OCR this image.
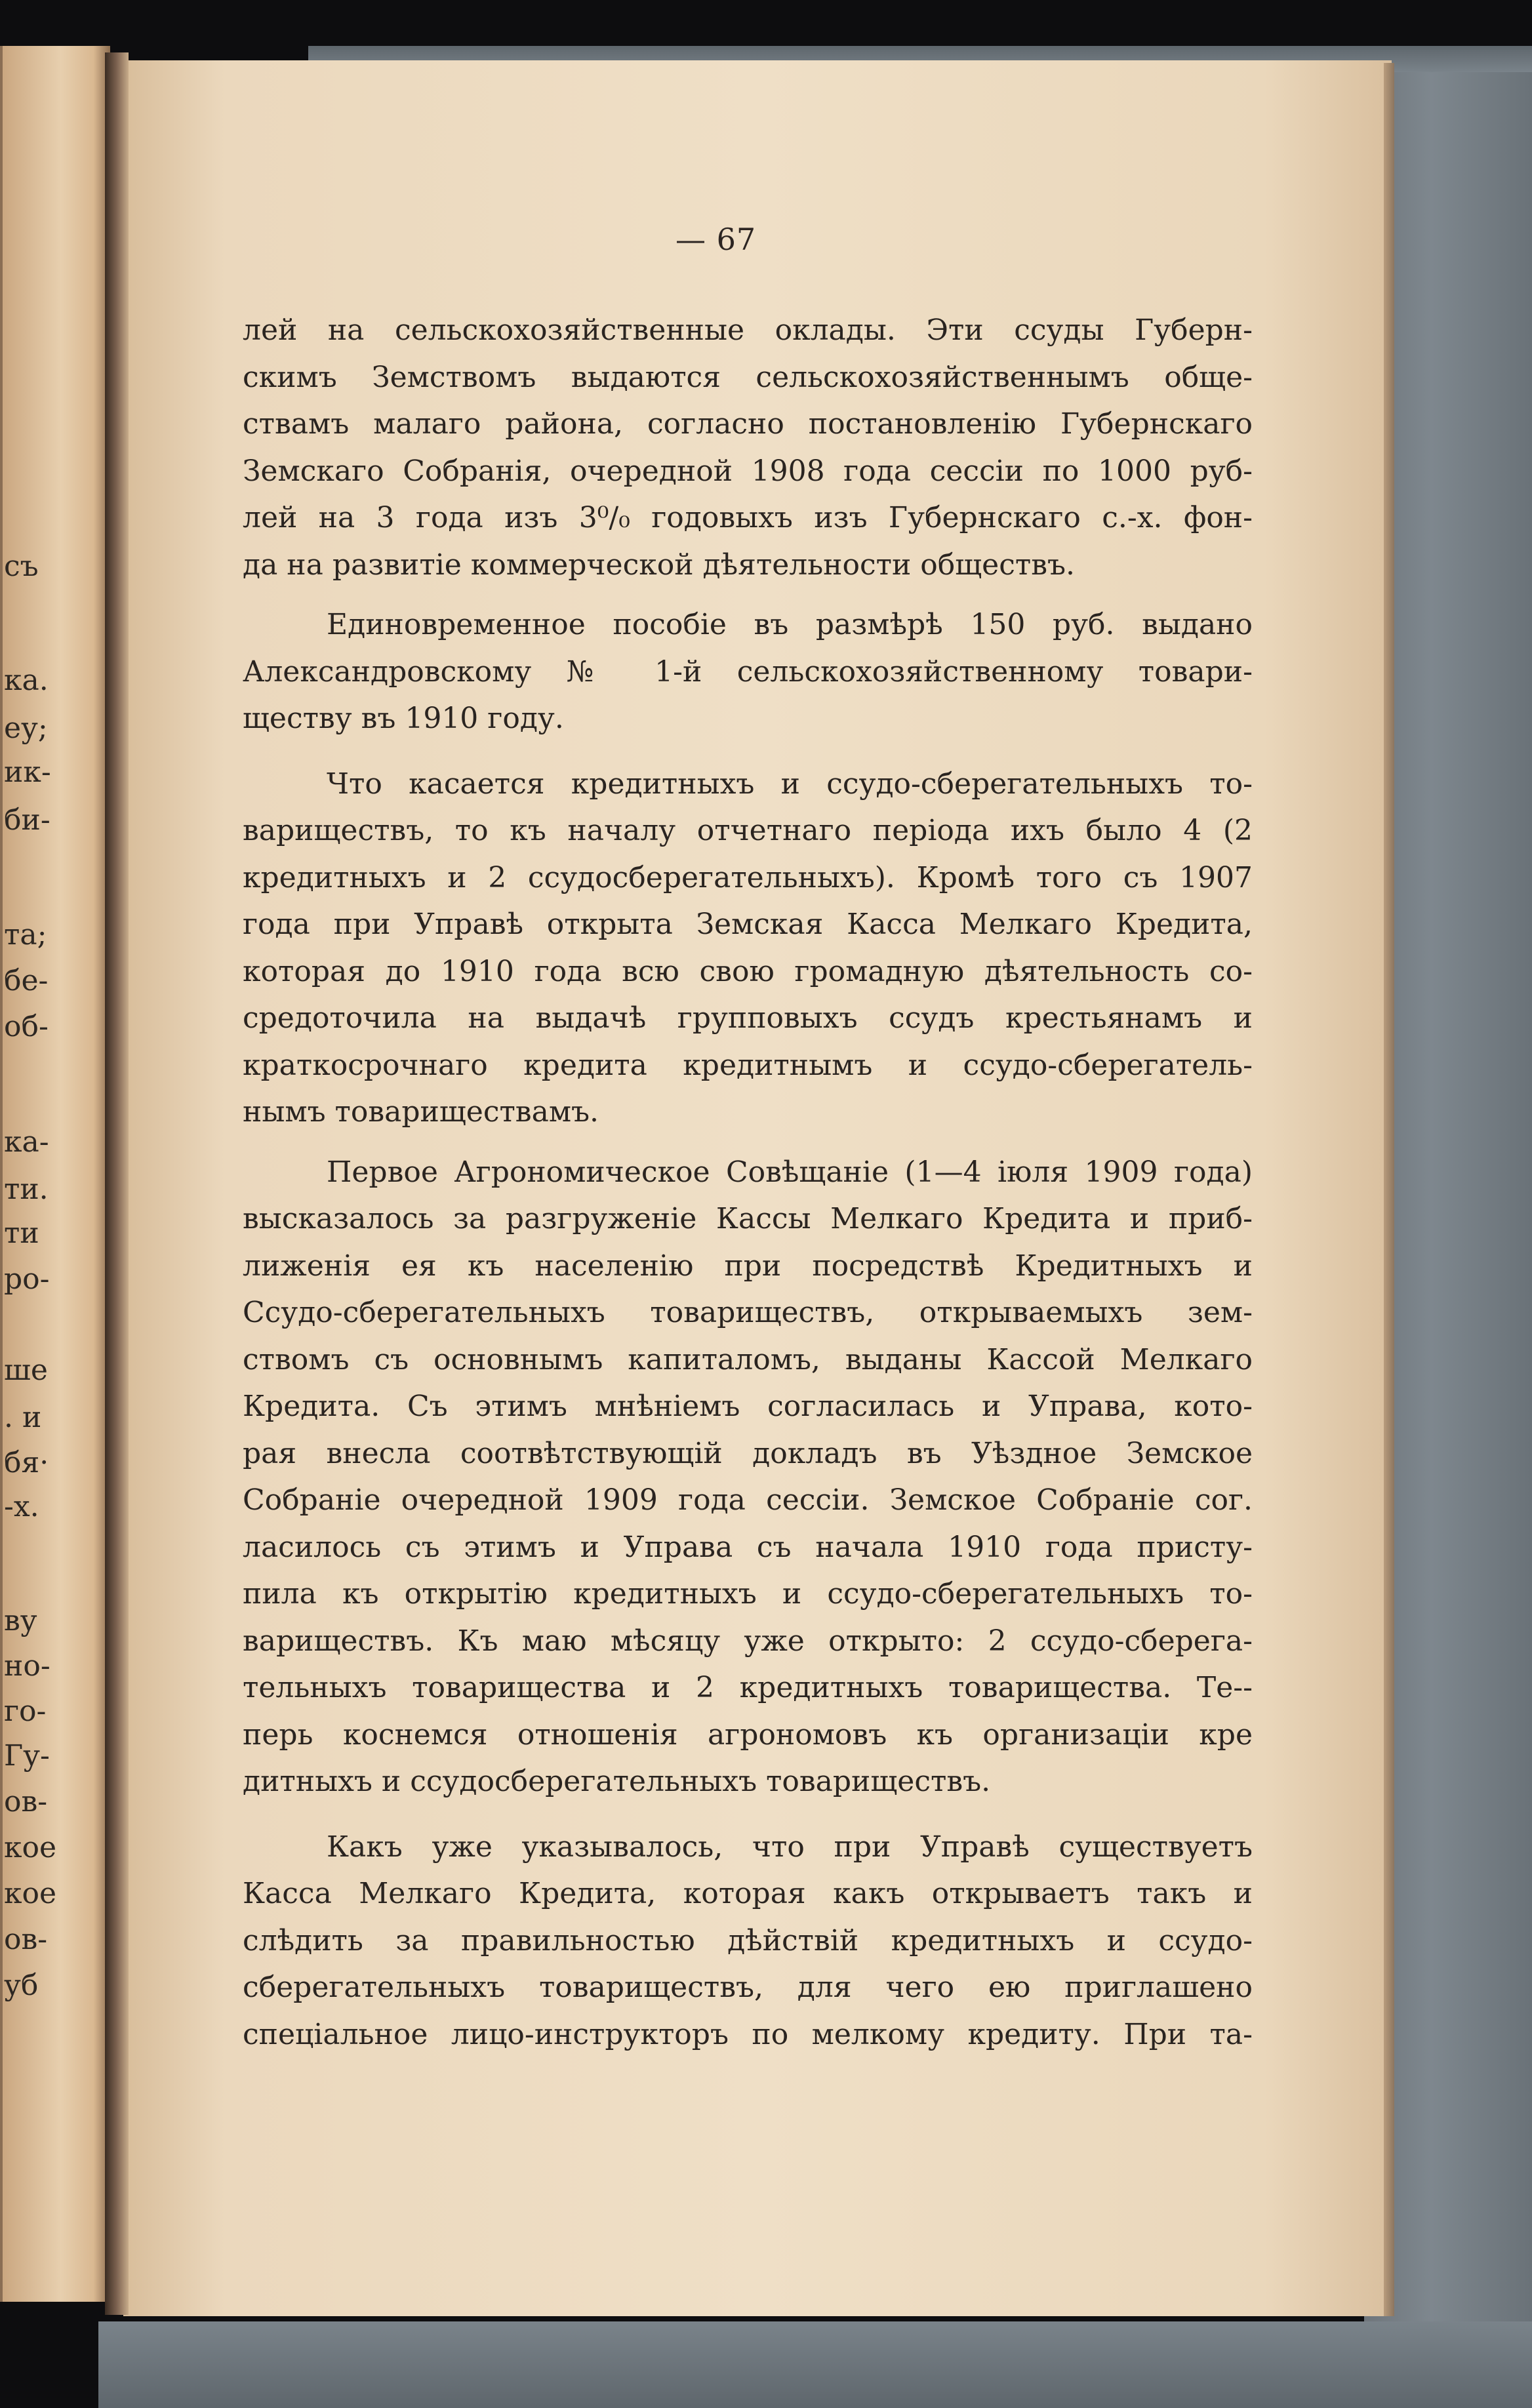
съ
ка.
еу;
ик-
би-
та;
бе-
об-
ка-
ти.
ти
ро-
ше
. и
бя·
-х.
ву
но-
го-
Гу-
ов-
кое
кое
ов-
уб
— 67
лей на сельскохозяйственные оклады. Эти ссуды Губерн-
скимъ Земствомъ выдаются сельскохозяйственнымъ обще-
ствамъ малаго района, согласно постановленію Губернскаго
Земскаго Собранія, очередной 1908 года сессіи по 1000 руб-
лей на 3 года изъ 3⁰/₀ годовыхъ изъ Губернскаго с.-х. фон-
да на развитіе коммерческой дѣятельности обществъ.
Единовременное пособіе въ размѣрѣ 150 руб. выдано
Александровскому № 1-й сельскохозяйственному товари-
ществу въ 1910 году.
Что касается кредитныхъ и ссудо-сберегательныхъ то-
вариществъ, то къ началу отчетнаго періода ихъ было 4 (2
кредитныхъ и 2 ссудосберегательныхъ). Кромѣ того съ 1907
года при Управѣ открыта Земская Касса Мелкаго Кредита,
которая до 1910 года всю свою громадную дѣятельность со-
средоточила на выдачѣ групповыхъ ссудъ крестьянамъ и
краткосрочнаго кредита кредитнымъ и ссудо-сберегатель-
нымъ товариществамъ.
Первое Агрономическое Совѣщаніе (1—4 іюля 1909 года)
высказалось за разгруженіе Кассы Мелкаго Кредита и приб-
лиженія ея къ населенію при посредствѣ Кредитныхъ и
Ссудо-сберегательныхъ товариществъ, открываемыхъ зем-
ствомъ съ основнымъ капиталомъ, выданы Кассой Мелкаго
Кредита. Съ этимъ мнѣніемъ согласилась и Управа, кото-
рая внесла соотвѣтствующій докладъ въ Уѣздное Земское
Собраніе очередной 1909 года сессіи. Земское Собраніе сог.
ласилось съ этимъ и Управа съ начала 1910 года присту-
пила къ открытію кредитныхъ и ссудо-сберегательныхъ то-
вариществъ. Къ маю мѣсяцу уже открыто: 2 ссудо-сберега-
тельныхъ товарищества и 2 кредитныхъ товарищества. Те--
перь коснемся отношенія агрономовъ къ организаціи кре
дитныхъ и ссудосберегательныхъ товариществъ.
Какъ уже указывалось, что при Управѣ существуетъ
Касса Мелкаго Кредита, которая какъ открываетъ такъ и
слѣдить за правильностью дѣйствій кредитныхъ и ссудо-
сберегательныхъ товариществъ, для чего ею приглашено
спеціальное лицо-инструкторъ по мелкому кредиту. При та-
